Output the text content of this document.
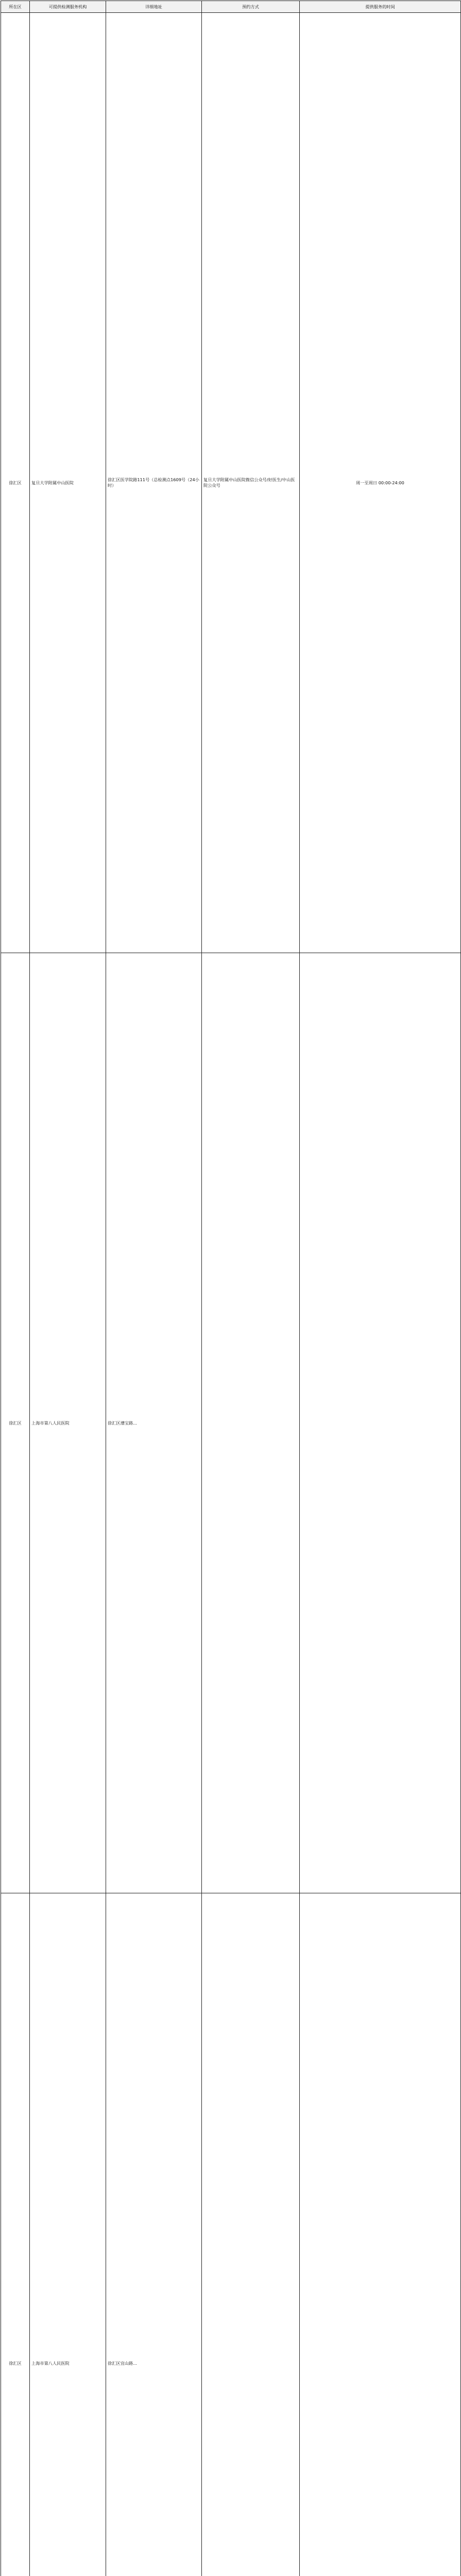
所在区	可提供检测服务机构	详细地址	预约方式	提供服务的时间
徐汇区	复旦大学附属中山医院	徐汇区医学院路111号（总检测点1609号（24小时）	复旦大学附属中山医院微信公众号/好医生/中山医院公众号	周一至周日 00:00-24:00
徐汇区	上海市第八人民医院	徐汇区漕宝路...		
徐汇区	上海市第八人民医院	徐汇区宜山路...		
